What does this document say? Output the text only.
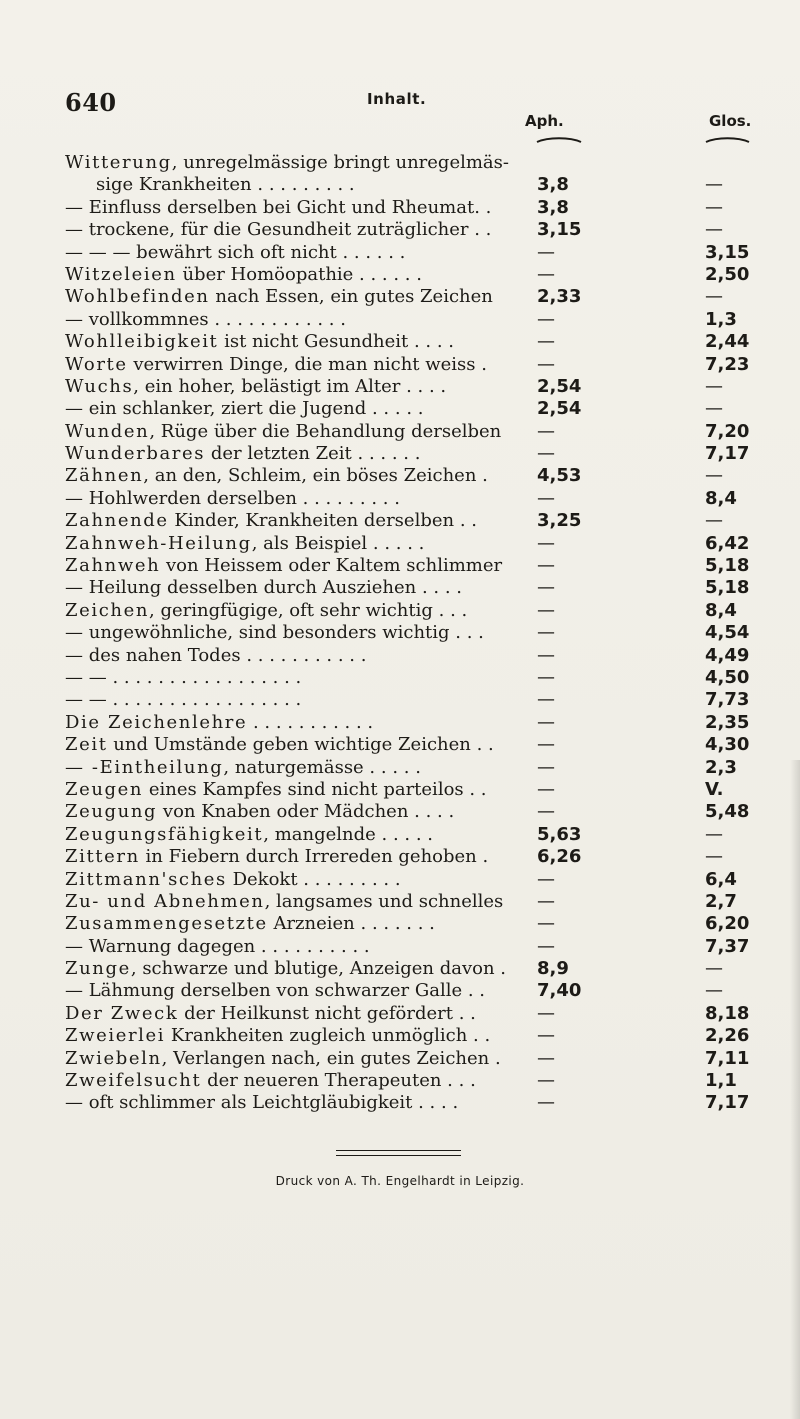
640	Inhalt.
Aph.	Glos.
Witterung, unregelmässige bringt unregelmäs-
sige Krankheiten . . . . . . . . .	3,8	—
— Einfluss derselben bei Gicht und Rheumat. .	3,8	—
— trockene, für die Gesundheit zuträglicher . .	3,15	—
— — — bewährt sich oft nicht . . . . . .	—	3,15
Witzeleien über Homöopathie . . . . . .	—	2,50
Wohlbefinden nach Essen, ein gutes Zeichen	2,33	—
— vollkommnes . . . . . . . . . . . .	—	1,3
Wohlleibigkeit ist nicht Gesundheit . . . .	—	2,44
Worte verwirren Dinge, die man nicht weiss .	—	7,23
Wuchs, ein hoher, belästigt im Alter . . . .	2,54	—
— ein schlanker, ziert die Jugend . . . . .	2,54	—
Wunden, Rüge über die Behandlung derselben	—	7,20
Wunderbares der letzten Zeit . . . . . .	—	7,17
Zähnen, an den, Schleim, ein böses Zeichen .	4,53	—
— Hohlwerden derselben . . . . . . . . .	—	8,4
Zahnende Kinder, Krankheiten derselben . .	3,25	—
Zahnweh-Heilung, als Beispiel . . . . .	—	6,42
Zahnweh von Heissem oder Kaltem schlimmer	—	5,18
— Heilung desselben durch Ausziehen . . . .	—	5,18
Zeichen, geringfügige, oft sehr wichtig . . .	—	8,4
— ungewöhnliche, sind besonders wichtig . . .	—	4,54
— des nahen Todes . . . . . . . . . . .	—	4,49
— — . . . . . . . . . . . . . . . . .	—	4,50
— — . . . . . . . . . . . . . . . . .	—	7,73
Die Zeichenlehre . . . . . . . . . . .	—	2,35
Zeit und Umstände geben wichtige Zeichen . .	—	4,30
— -Eintheilung, naturgemässe . . . . .	—	2,3
Zeugen eines Kampfes sind nicht parteilos . .	—	V.
Zeugung von Knaben oder Mädchen . . . .	—	5,48
Zeugungsfähigkeit, mangelnde . . . . .	5,63	—
Zittern in Fiebern durch Irrereden gehoben .	6,26	—
Zittmann'sches Dekokt . . . . . . . . .	—	6,4
Zu- und Abnehmen, langsames und schnelles	—	2,7
Zusammengesetzte Arzneien . . . . . . .	—	6,20
— Warnung dagegen . . . . . . . . . .	—	7,37
Zunge, schwarze und blutige, Anzeigen davon .	8,9	—
— Lähmung derselben von schwarzer Galle . .	7,40	—
Der Zweck der Heilkunst nicht gefördert . .	—	8,18
Zweierlei Krankheiten zugleich unmöglich . .	—	2,26
Zwiebeln, Verlangen nach, ein gutes Zeichen .	—	7,11
Zweifelsucht der neueren Therapeuten . . .	—	1,1
— oft schlimmer als Leichtgläubigkeit . . . .	—	7,17
Druck von A. Th. Engelhardt in Leipzig.
